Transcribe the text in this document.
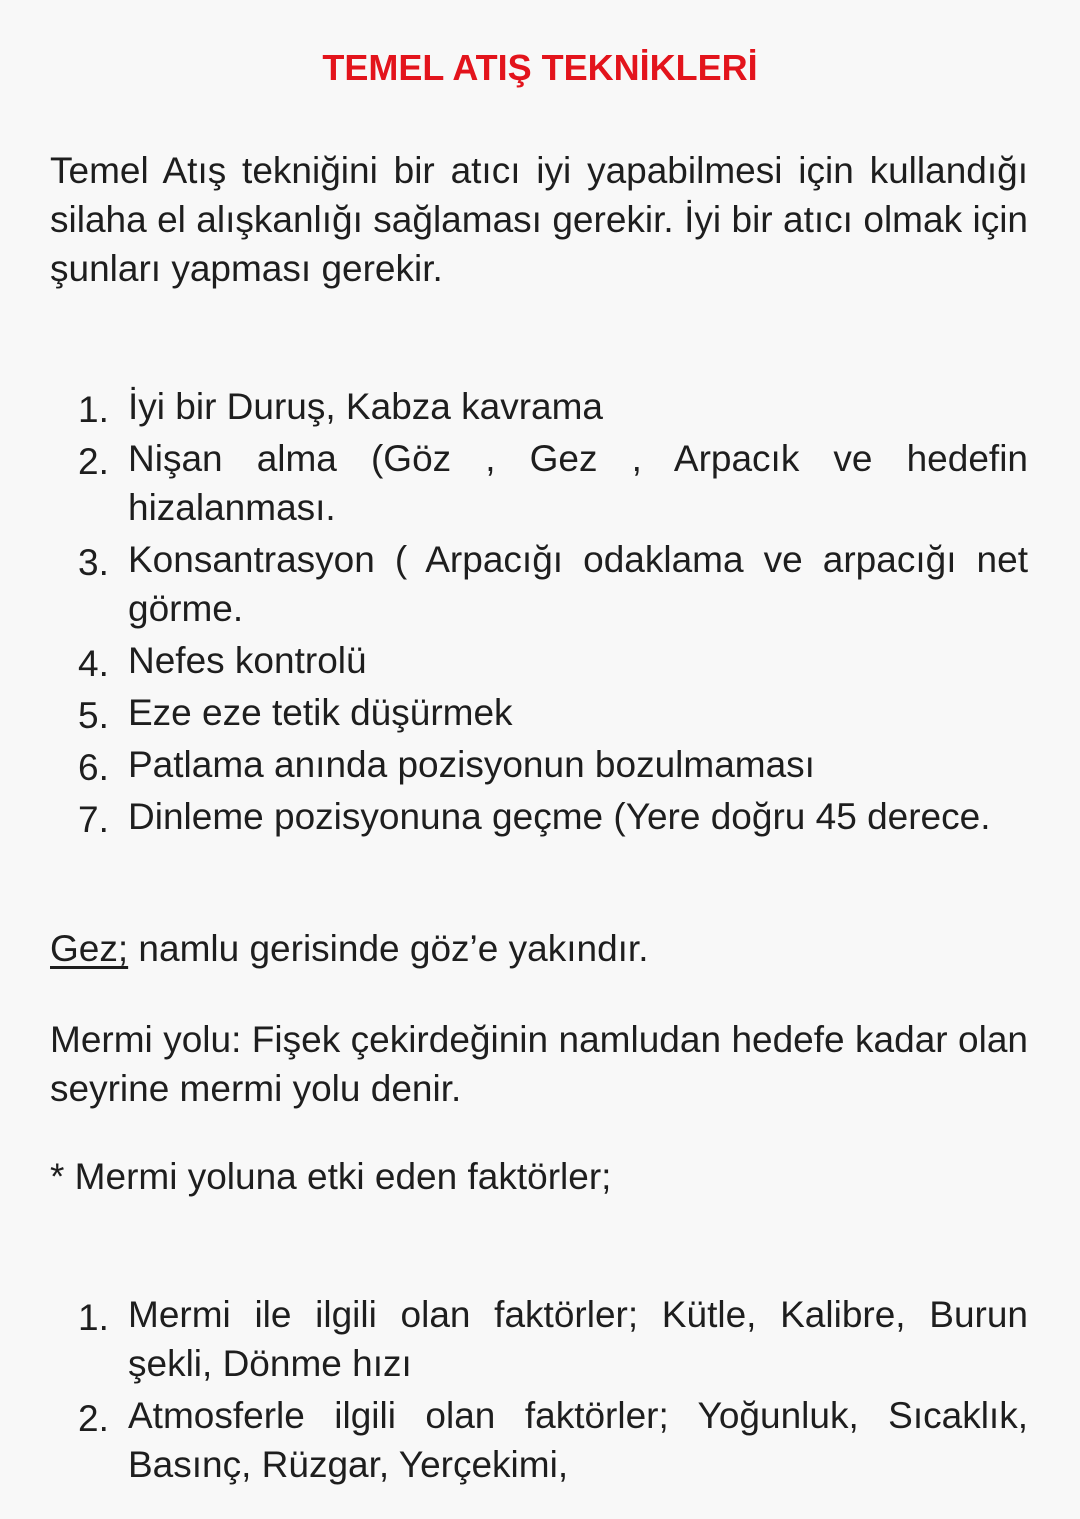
TEMEL ATIŞ TEKNİKLERİ
Temel Atış tekniğini bir atıcı iyi yapabilmesi için kullandığı silaha el alışkanlığı sağlaması gerekir. İyi bir atıcı olmak için şunları yapması gerekir.
1. İyi bir Duruş, Kabza kavrama
2. Nişan alma (Göz , Gez , Arpacık ve hedefin hizalanması.
3. Konsantrasyon ( Arpacığı odaklama ve arpacığı net görme.
4. Nefes kontrolü
5. Eze eze tetik düşürmek
6. Patlama anında pozisyonun bozulmaması
7. Dinleme pozisyonuna geçme (Yere doğru 45 derece.
Gez; namlu gerisinde göz’e yakındır.
Mermi yolu: Fişek çekirdeğinin namludan hedefe kadar olan seyrine mermi yolu denir.
* Mermi yoluna etki eden faktörler;
1. Mermi ile ilgili olan faktörler; Kütle, Kalibre, Burun şekli, Dönme hızı
2. Atmosferle ilgili olan faktörler; Yoğunluk, Sıcaklık, Basınç, Rüzgar, Yerçekimi,
